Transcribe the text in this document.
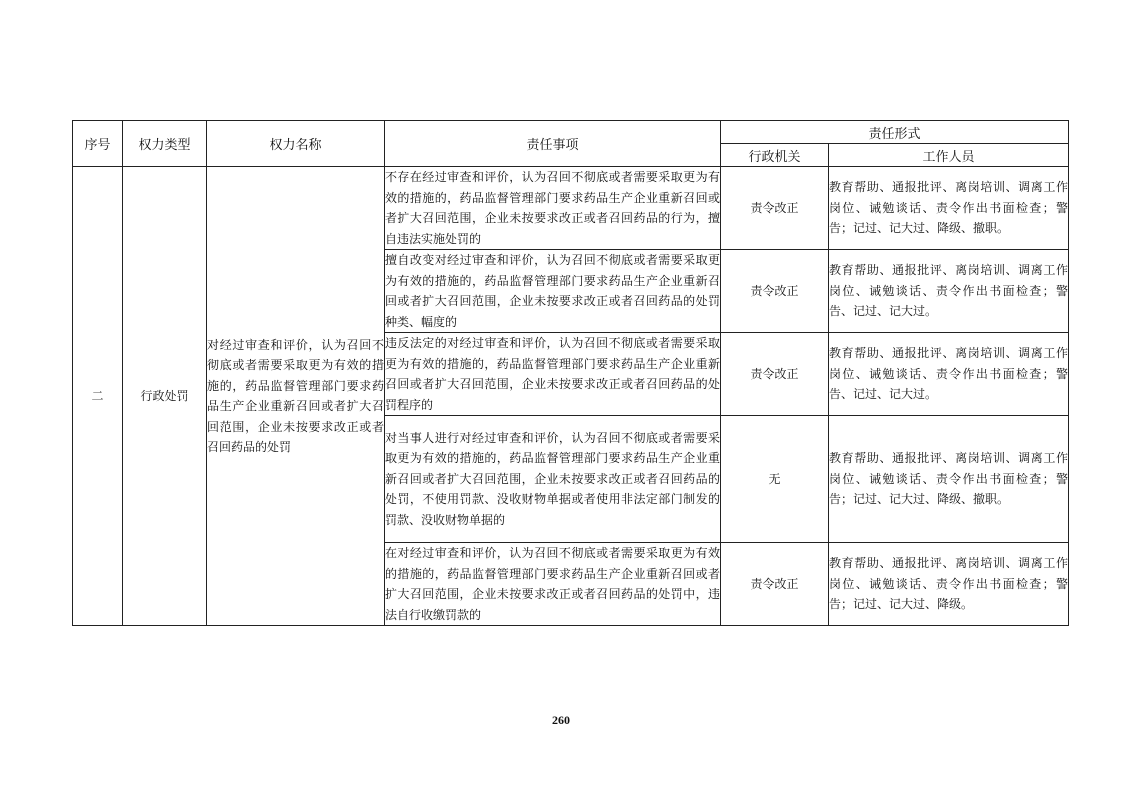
序号	权力类型	权力名称	责任事项	责任形式	
				行政机关	工作人员
二	行政处罚	对经过审查和评价，认为召回不彻底或者需要采取更为有效的措施的，药品监督管理部门要求药品生产企业重新召回或者扩大召回范围，企业未按要求改正或者召回药品的处罚	不存在经过审查和评价，认为召回不彻底或者需要采取更为有效的措施的，药品监督管理部门要求药品生产企业重新召回或者扩大召回范围，企业未按要求改正或者召回药品的行为，擅自违法实施处罚的	责令改正	教育帮助、通报批评、离岗培训、调离工作岗位、诫勉谈话、责令作出书面检查；警告；记过、记大过、降级、撤职。
			擅自改变对经过审查和评价，认为召回不彻底或者需要采取更为有效的措施的，药品监督管理部门要求药品生产企业重新召回或者扩大召回范围，企业未按要求改正或者召回药品的处罚种类、幅度的	责令改正	教育帮助、通报批评、离岗培训、调离工作岗位、诫勉谈话、责令作出书面检查；警告、记过、记大过。
			违反法定的对经过审查和评价，认为召回不彻底或者需要采取更为有效的措施的，药品监督管理部门要求药品生产企业重新召回或者扩大召回范围，企业未按要求改正或者召回药品的处罚程序的	责令改正	教育帮助、通报批评、离岗培训、调离工作岗位、诫勉谈话、责令作出书面检查；警告、记过、记大过。
			对当事人进行对经过审查和评价，认为召回不彻底或者需要采取更为有效的措施的，药品监督管理部门要求药品生产企业重新召回或者扩大召回范围，企业未按要求改正或者召回药品的处罚，不使用罚款、没收财物单据或者使用非法定部门制发的罚款、没收财物单据的	无	教育帮助、通报批评、离岗培训、调离工作岗位、诫勉谈话、责令作出书面检查；警告；记过、记大过、降级、撤职。
			在对经过审查和评价，认为召回不彻底或者需要采取更为有效的措施的，药品监督管理部门要求药品生产企业重新召回或者扩大召回范围，企业未按要求改正或者召回药品的处罚中，违法自行收缴罚款的	责令改正	教育帮助、通报批评、离岗培训、调离工作岗位、诫勉谈话、责令作出书面检查；警告；记过、记大过、降级。
260
